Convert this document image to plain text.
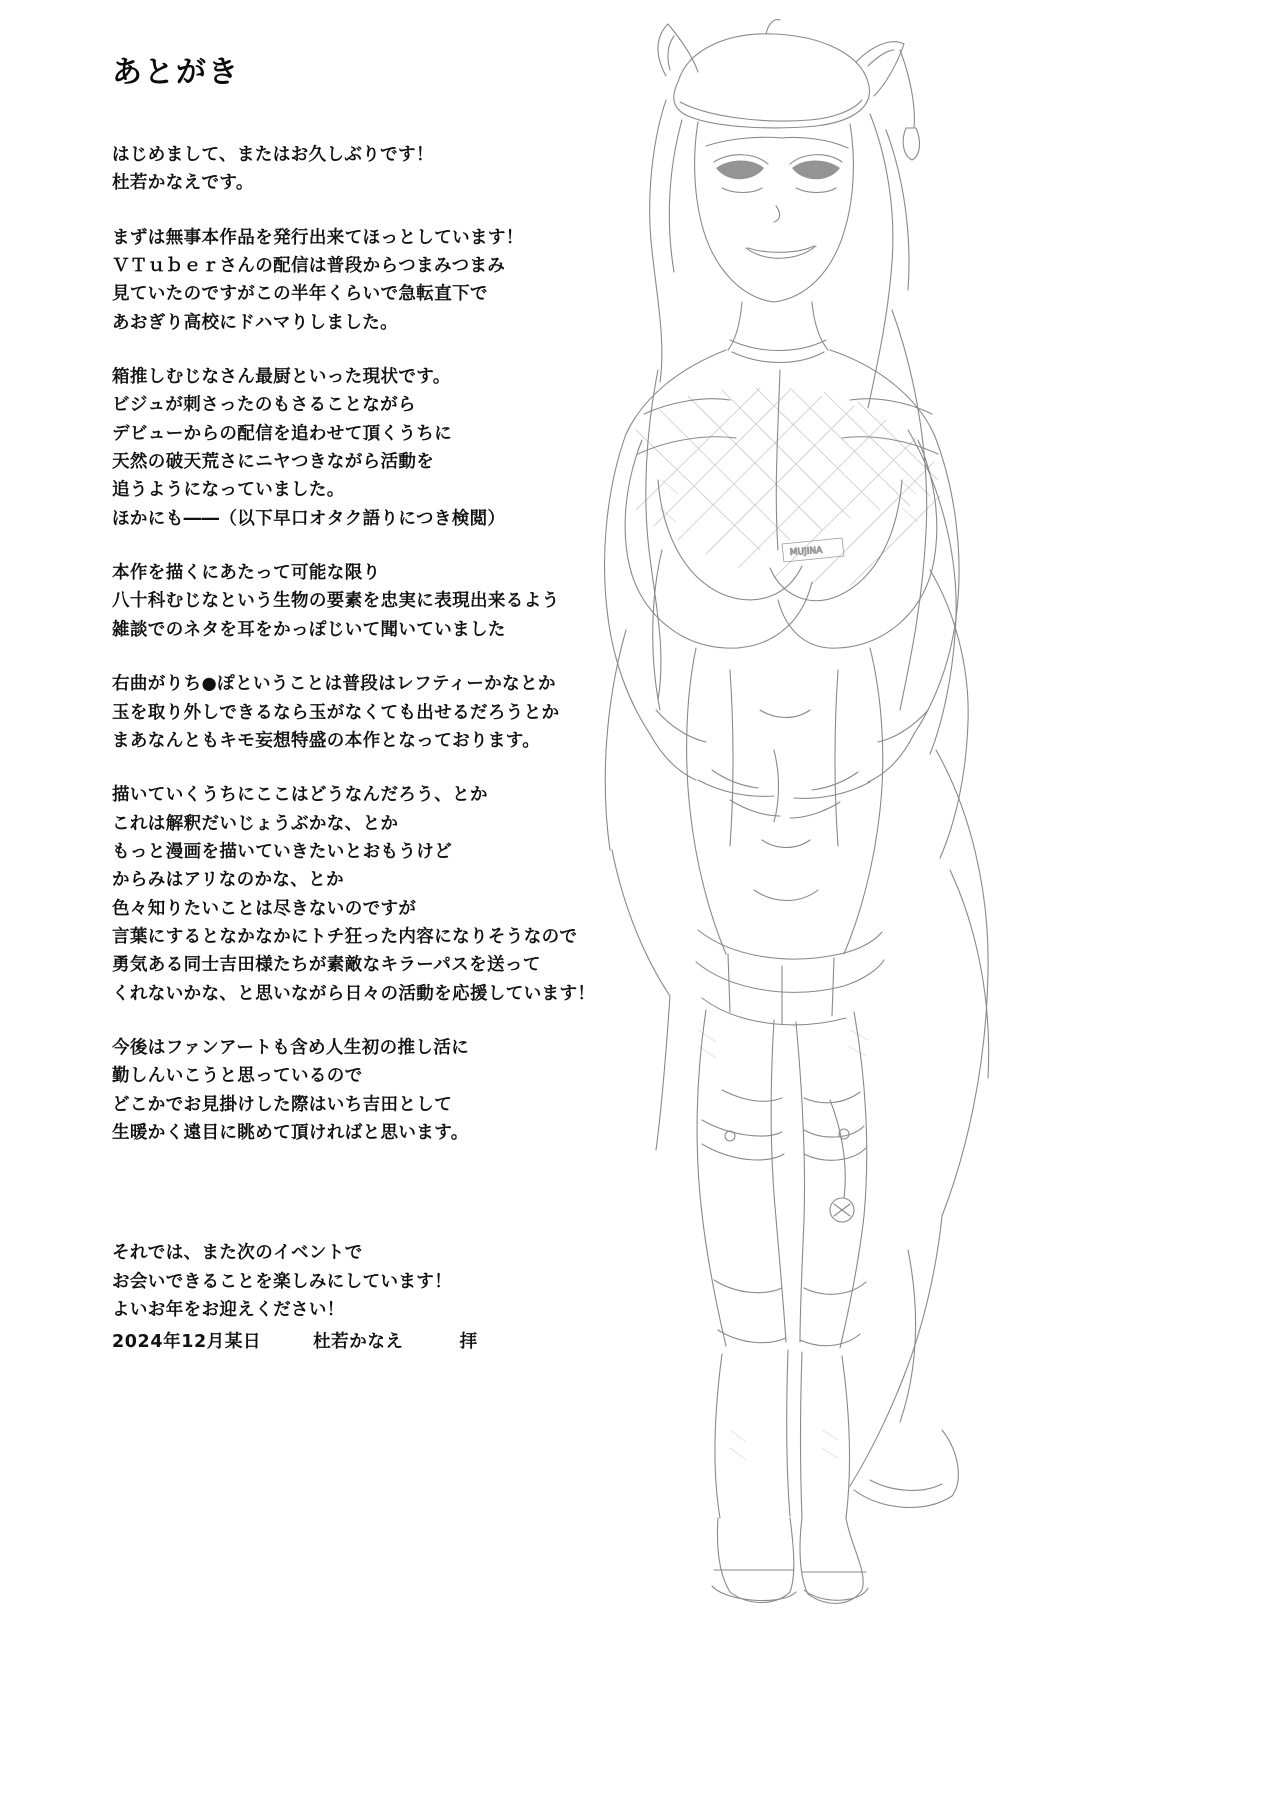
MUJINA
あとがき
はじめまして、またはお久しぶりです！
杜若かなえです。
まずは無事本作品を発行出来てほっとしています！
ＶＴｕｂｅｒさんの配信は普段からつまみつまみ
見ていたのですがこの半年くらいで急転直下で
あおぎり高校にドハマりしました。
箱推しむじなさん最厨といった現状です。
ビジュが刺さったのもさることながら
デビューからの配信を追わせて頂くうちに
天然の破天荒さにニヤつきながら活動を
追うようになっていました。
ほかにも――（以下早口オタク語りにつき検閲）
本作を描くにあたって可能な限り
八十科むじなという生物の要素を忠実に表現出来るよう
雑談でのネタを耳をかっぽじいて聞いていました
右曲がりち●ぽということは普段はレフティーかなとか
玉を取り外しできるなら玉がなくても出せるだろうとか
まあなんともキモ妄想特盛の本作となっております。
描いていくうちにここはどうなんだろう、とか
これは解釈だいじょうぶかな、とか
もっと漫画を描いていきたいとおもうけど
からみはアリなのかな、とか
色々知りたいことは尽きないのですが
言葉にするとなかなかにトチ狂った内容になりそうなので
勇気ある同士吉田様たちが素敵なキラーパスを送って
くれないかな、と思いながら日々の活動を応援しています！
今後はファンアートも含め人生初の推し活に
勤しんいこうと思っているので
どこかでお見掛けした際はいち吉田として
生暖かく遠目に眺めて頂ければと思います。
それでは、また次のイベントで
お会いできることを楽しみにしています！
よいお年をお迎えください！
2024年12月某日	杜若かなえ	拝
